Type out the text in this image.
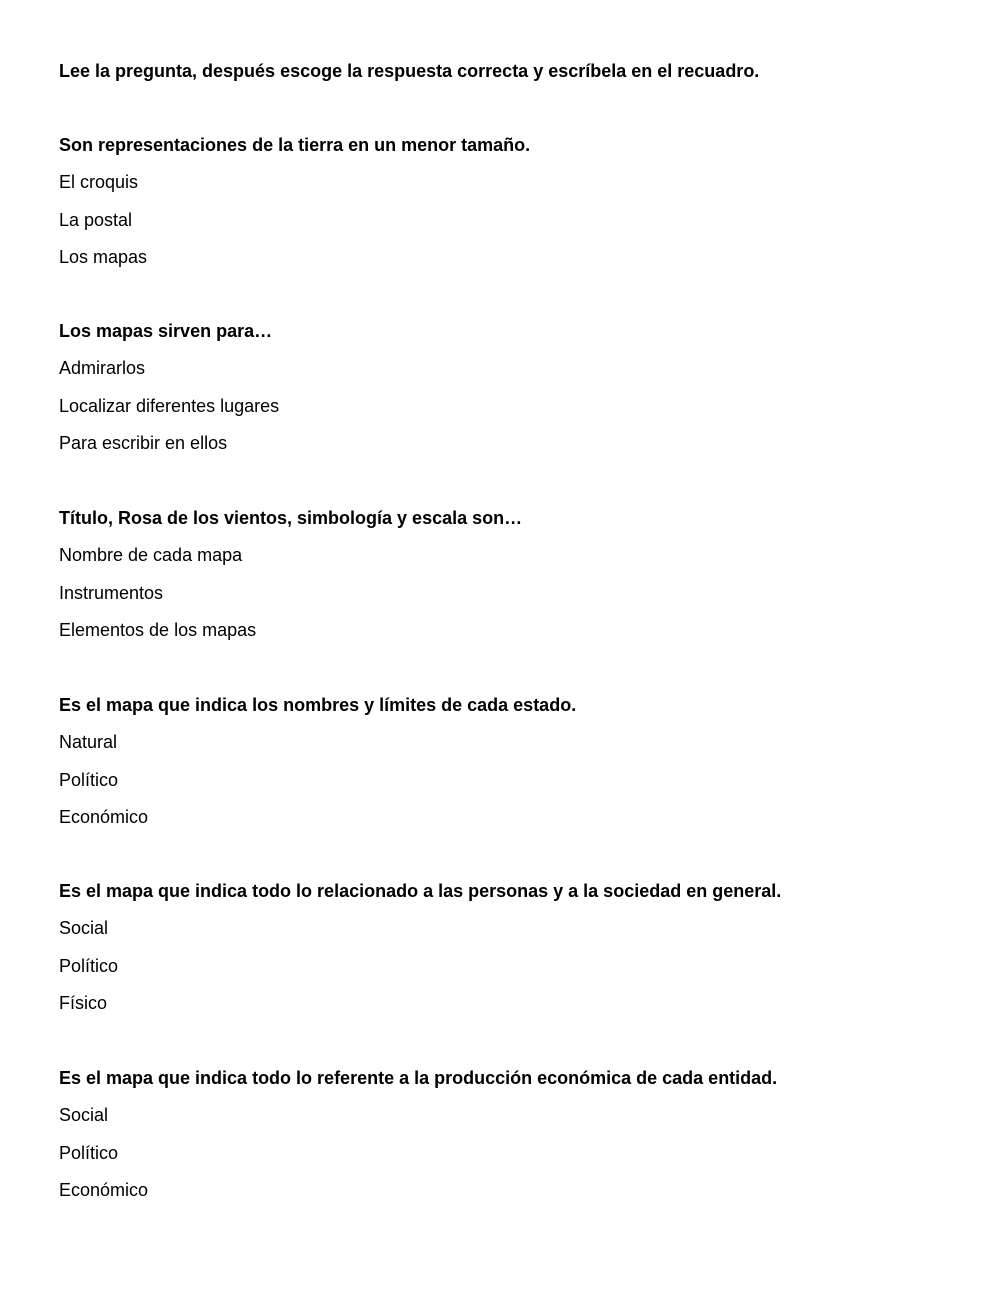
Lee la pregunta, después escoge la respuesta correcta y escríbela en el recuadro.

Son representaciones de la tierra en un menor tamaño.

El croquis
La postal
Los mapas

Los mapas sirven para…

Admirarlos
Localizar diferentes lugares
Para escribir en ellos

Título, Rosa de los vientos, simbología y escala son…

Nombre de cada mapa
Instrumentos
Elementos de los mapas

Es el mapa que indica los nombres y límites de cada estado.

Natural
Político
Económico

Es el mapa que indica todo lo relacionado a las personas y a la sociedad en general.

Social
Político
Físico

Es el mapa que indica todo lo referente a la producción económica de cada entidad.

Social
Político
Económico
